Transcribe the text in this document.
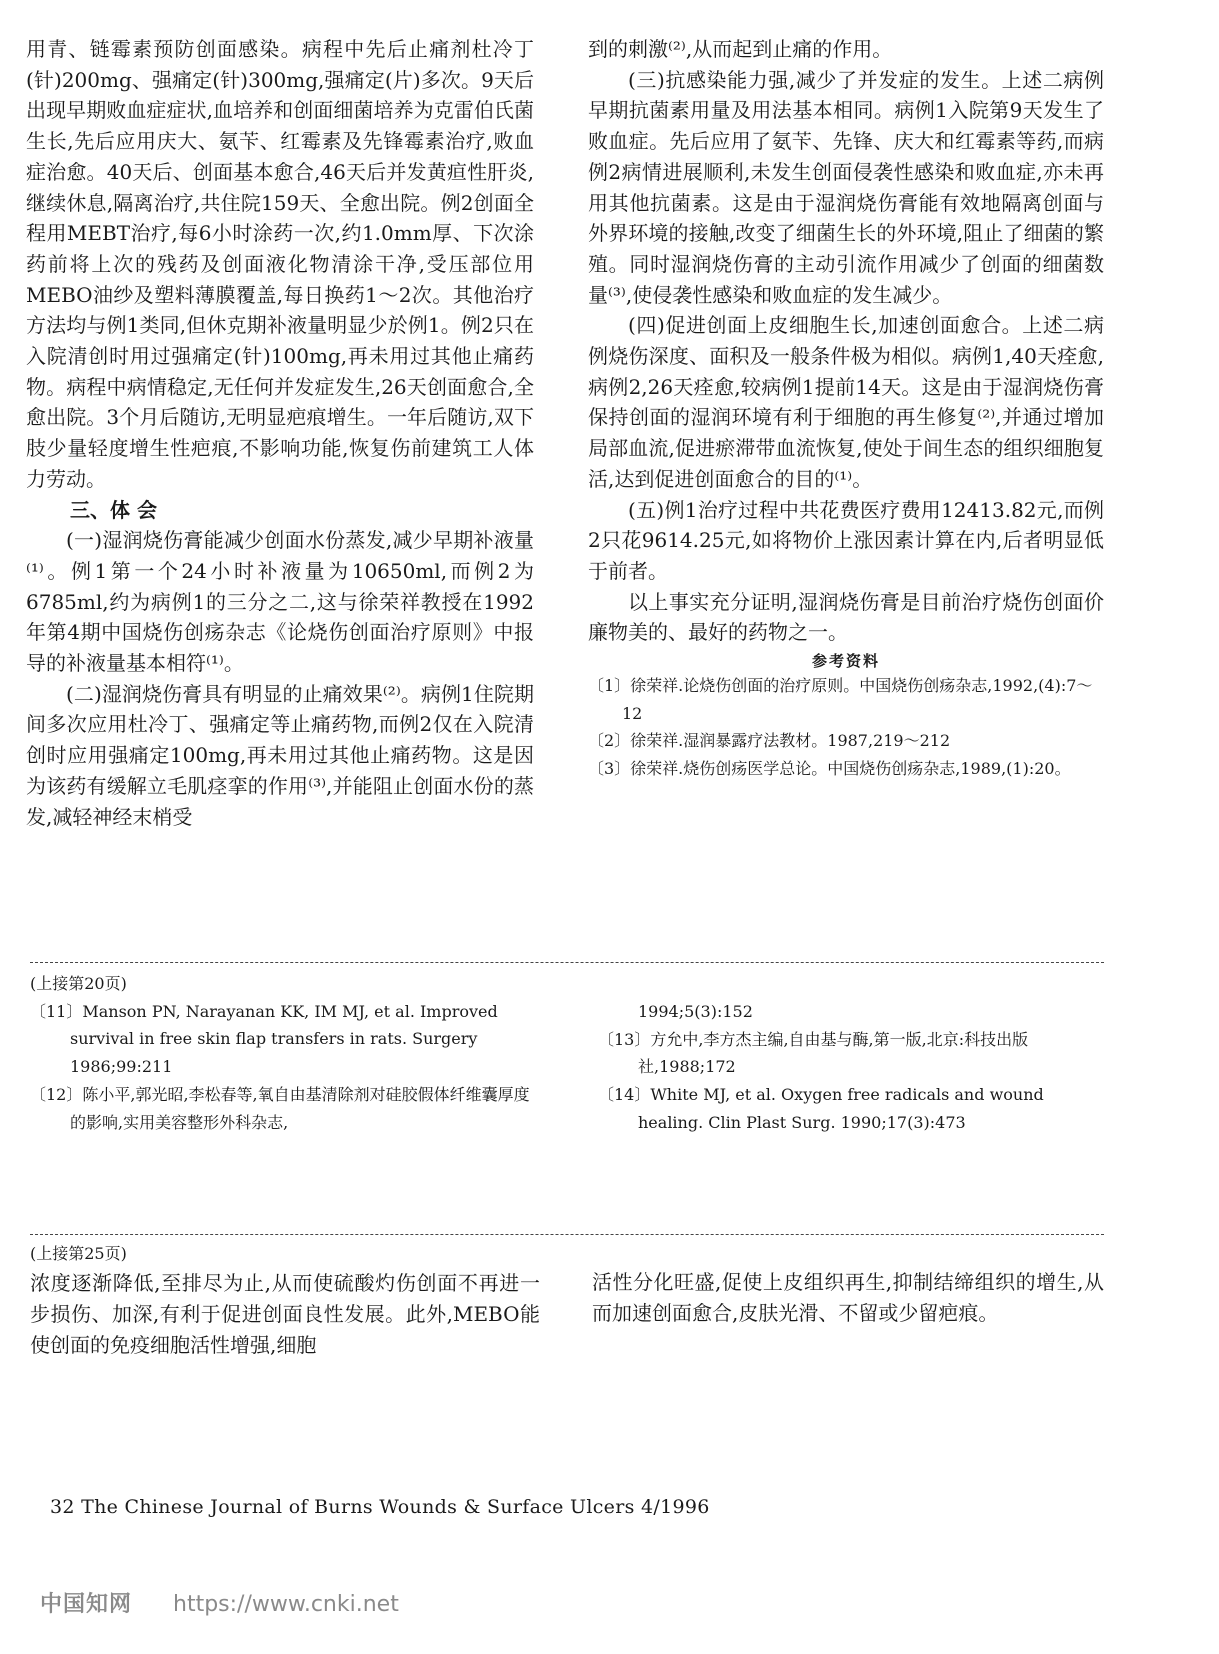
用青、链霉素预防创面感染。病程中先后止痛剂杜冷丁(针)200mg、强痛定(针)300mg,强痛定(片)多次。9天后出现早期败血症症状,血培养和创面细菌培养为克雷伯氏菌生长,先后应用庆大、氨苄、红霉素及先锋霉素治疗,败血症治愈。40天后、创面基本愈合,46天后并发黄疸性肝炎,继续休息,隔离治疗,共住院159天、全愈出院。例2创面全程用MEBT治疗,每6小时涂药一次,约1.0mm厚、下次涂药前将上次的残药及创面液化物清涂干净,受压部位用MEBO油纱及塑料薄膜覆盖,每日换药1～2次。其他治疗方法均与例1类同,但休克期补液量明显少於例1。例2只在入院清创时用过强痛定(针)100mg,再未用过其他止痛药物。病程中病情稳定,无任何并发症发生,26天创面愈合,全愈出院。3个月后随访,无明显疤痕增生。一年后随访,双下肢少量轻度增生性疤痕,不影响功能,恢复伤前建筑工人体力劳动。

三、体 会

(一)湿润烧伤膏能减少创面水份蒸发,减少早期补液量⁽¹⁾。例1第一个24小时补液量为10650ml,而例2为6785ml,约为病例1的三分之二,这与徐荣祥教授在1992年第4期中国烧伤创疡杂志《论烧伤创面治疗原则》中报导的补液量基本相符⁽¹⁾。

(二)湿润烧伤膏具有明显的止痛效果⁽²⁾。病例1住院期间多次应用杜冷丁、强痛定等止痛药物,而例2仅在入院清创时应用强痛定100mg,再未用过其他止痛药物。这是因为该药有缓解立毛肌痉挛的作用⁽³⁾,并能阻止创面水份的蒸发,减轻神经末梢受

到的刺激⁽²⁾,从而起到止痛的作用。

(三)抗感染能力强,减少了并发症的发生。上述二病例早期抗菌素用量及用法基本相同。病例1入院第9天发生了败血症。先后应用了氨苄、先锋、庆大和红霉素等药,而病例2病情进展顺利,未发生创面侵袭性感染和败血症,亦未再用其他抗菌素。这是由于湿润烧伤膏能有效地隔离创面与外界环境的接触,改变了细菌生长的外环境,阻止了细菌的繁殖。同时湿润烧伤膏的主动引流作用减少了创面的细菌数量⁽³⁾,使侵袭性感染和败血症的发生减少。

(四)促进创面上皮细胞生长,加速创面愈合。上述二病例烧伤深度、面积及一般条件极为相似。病例1,40天痊愈,病例2,26天痊愈,较病例1提前14天。这是由于湿润烧伤膏保持创面的湿润环境有利于细胞的再生修复⁽²⁾,并通过增加局部血流,促进瘀滞带血流恢复,使处于间生态的组织细胞复活,达到促进创面愈合的目的⁽¹⁾。

(五)例1治疗过程中共花费医疗费用12413.82元,而例2只花9614.25元,如将物价上涨因素计算在内,后者明显低于前者。

以上事实充分证明,湿润烧伤膏是目前治疗烧伤创面价廉物美的、最好的药物之一。

参考资料
〔1〕徐荣祥.论烧伤创面的治疗原则。中国烧伤创疡杂志,1992,(4):7～12
〔2〕徐荣祥.湿润暴露疗法教材。1987,219～212
〔3〕徐荣祥.烧伤创疡医学总论。中国烧伤创疡杂志,1989,(1):20。

(上接第20页)

〔11〕Manson PN, Narayanan KK, IM MJ, et al. Improved survival in free skin flap transfers in rats. Surgery 1986;99:211

〔12〕陈小平,郭光昭,李松春等,氧自由基清除剂对硅胶假体纤维囊厚度的影响,实用美容整形外科杂志,

1994;5(3):152

〔13〕方允中,李方杰主编,自由基与酶,第一版,北京:科技出版社,1988;172

〔14〕White MJ, et al. Oxygen free radicals and wound healing. Clin Plast Surg. 1990;17(3):473

(上接第25页)

浓度逐渐降低,至排尽为止,从而使硫酸灼伤创面不再进一步损伤、加深,有利于促进创面良性发展。此外,MEBO能使创面的免疫细胞活性增强,细胞

活性分化旺盛,促使上皮组织再生,抑制结缔组织的增生,从而加速创面愈合,皮肤光滑、不留或少留疤痕。

32 The Chinese Journal of Burns Wounds & Surface Ulcers 4/1996
中国知网 https://www.cnki.net
